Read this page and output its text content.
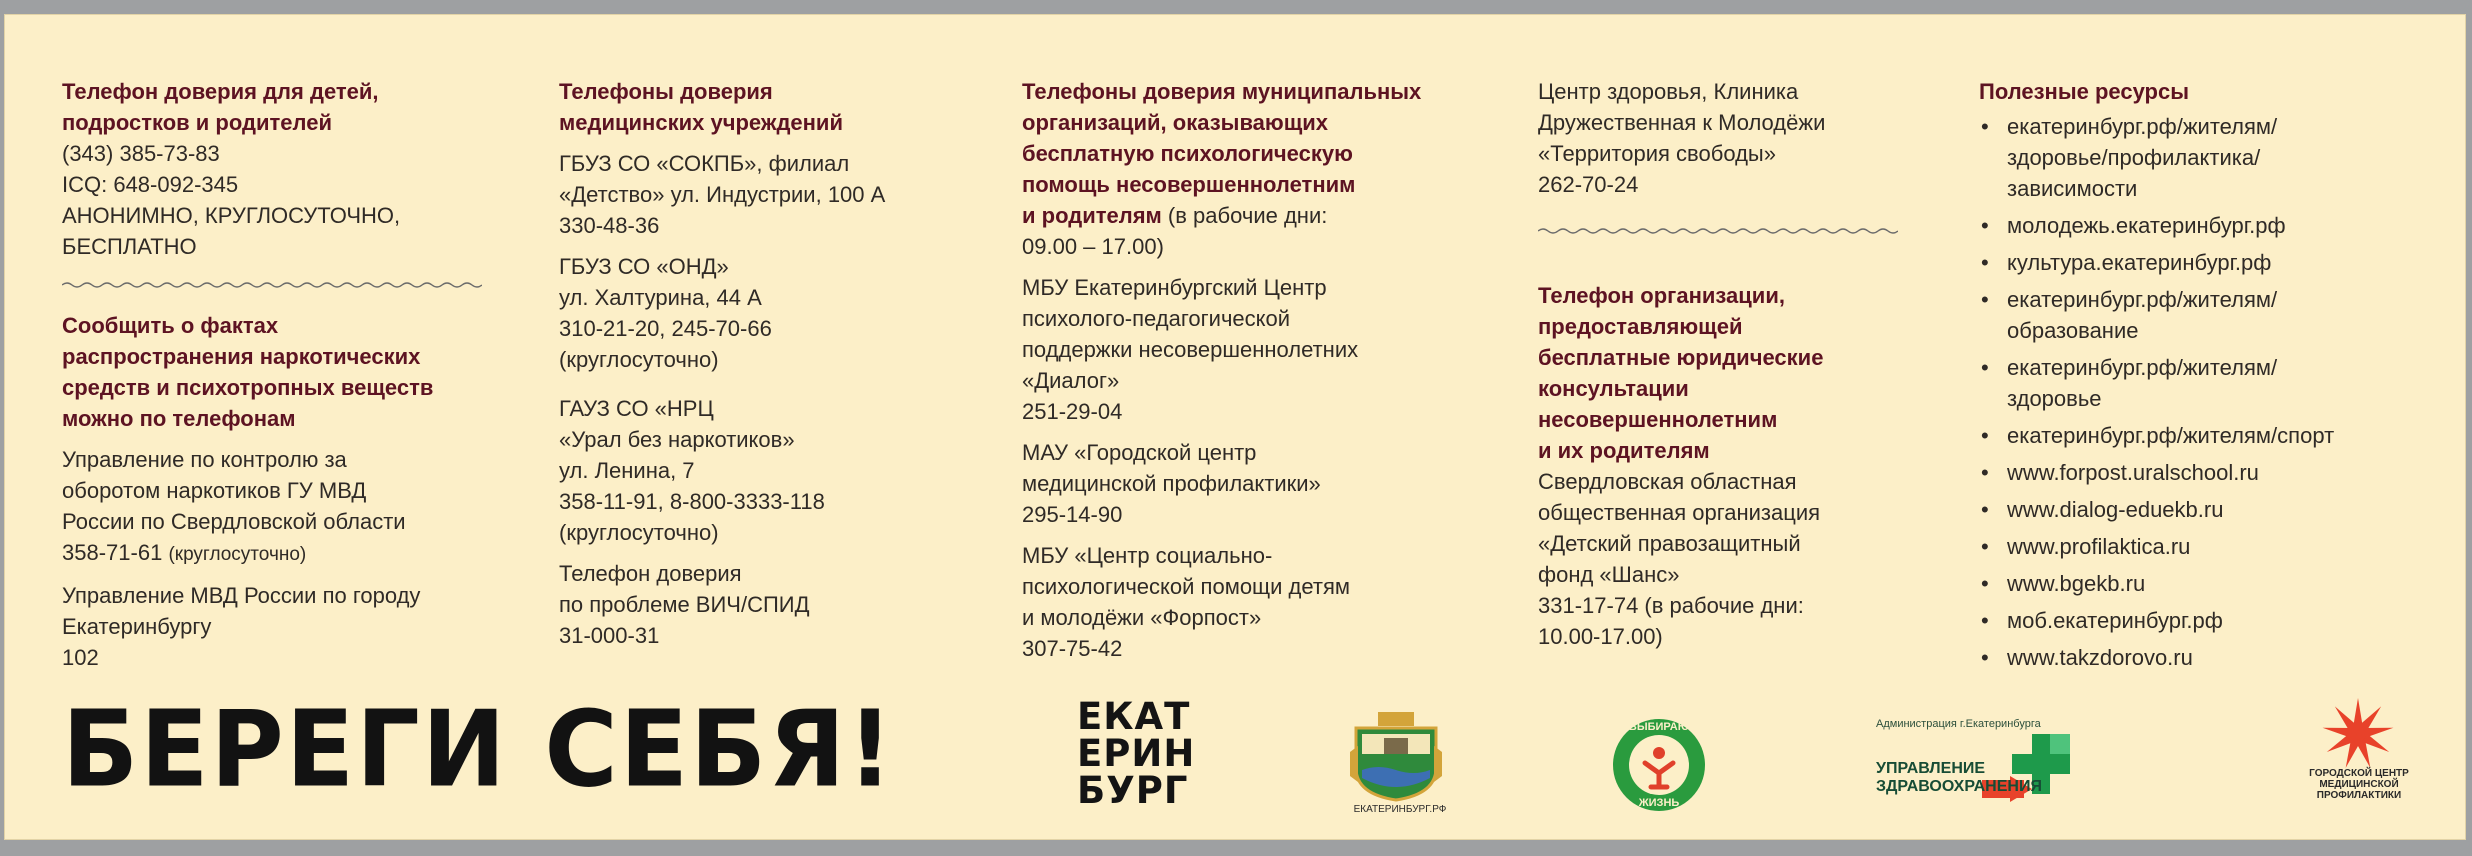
Телефон доверия для детей,
подростков и родителей
(343) 385-73-83
ICQ: 648-092-345
АНОНИМНО, КРУГЛОСУТОЧНО,
БЕСПЛАТНО
Сообщить о фактах
распространения наркотических
средств и психотропных веществ
можно по телефонам
Управление по контролю за
оборотом наркотиков ГУ МВД
России по Свердловской области
358-71-61 (круглосуточно)
Управление МВД России по городу
Екатеринбургу
102
Телефоны доверия
медицинских учреждений
ГБУЗ СО «СОКПБ», филиал
«Детство» ул. Индустрии, 100 А
330-48-36
ГБУЗ СО «ОНД»
ул. Халтурина, 44 А
310-21-20, 245-70-66
(круглосуточно)
ГАУЗ СО «НРЦ
«Урал без наркотиков»
ул. Ленина, 7
358-11-91, 8-800-3333-118
(круглосуточно)
Телефон доверия
по проблеме ВИЧ/СПИД
31-000-31
Телефоны доверия муниципальных
организаций, оказывающих
бесплатную психологическую
помощь несовершеннолетним
и родителям (в рабочие дни:
09.00 – 17.00)
МБУ Екатеринбургский Центр
психолого-педагогической
поддержки несовершеннолетних
«Диалог»
251-29-04
МАУ «Городской центр
медицинской профилактики»
295-14-90
МБУ «Центр социально-
психологической помощи детям
и молодёжи «Форпост»
307-75-42
Центр здоровья, Клиника
Дружественная к Молодёжи
«Территория свободы»
262-70-24
Телефон организации,
предоставляющей
бесплатные юридические
консультации
несовершеннолетним
и их родителям
Свердловская областная
общественная организация
«Детский правозащитный
фонд «Шанс»
331-17-74 (в рабочие дни:
10.00-17.00)
Полезные ресурсы
• екатеринбург.рф/жителям/
здоровье/профилактика/
зависимости
• молодежь.екатеринбург.рф
• культура.екатеринбург.рф
• екатеринбург.рф/жителям/
образование
• екатеринбург.рф/жителям/
здоровье
• екатеринбург.рф/жителям/спорт
• www.forpost.uralschool.ru
• www.dialog-eduekb.ru
• www.profilaktica.ru
• www.bgekb.ru
• моб.екатеринбург.рф
• www.takzdorovo.ru
БЕРЕГИ СЕБЯ!	ЕКАТ
ЕРИН
БУРГ	ЕКАТЕРИНБУРГ.РФ
ВЫБИРАЮ
ЖИЗНЬ
Администрация г.Екатеринбурга
УПРАВЛЕНИЕ
ЗДРАВООХРАНЕНИЯ
ГОРОДСКОЙ ЦЕНТР
МЕДИЦИНСКОЙ
ПРОФИЛАКТИКИ
